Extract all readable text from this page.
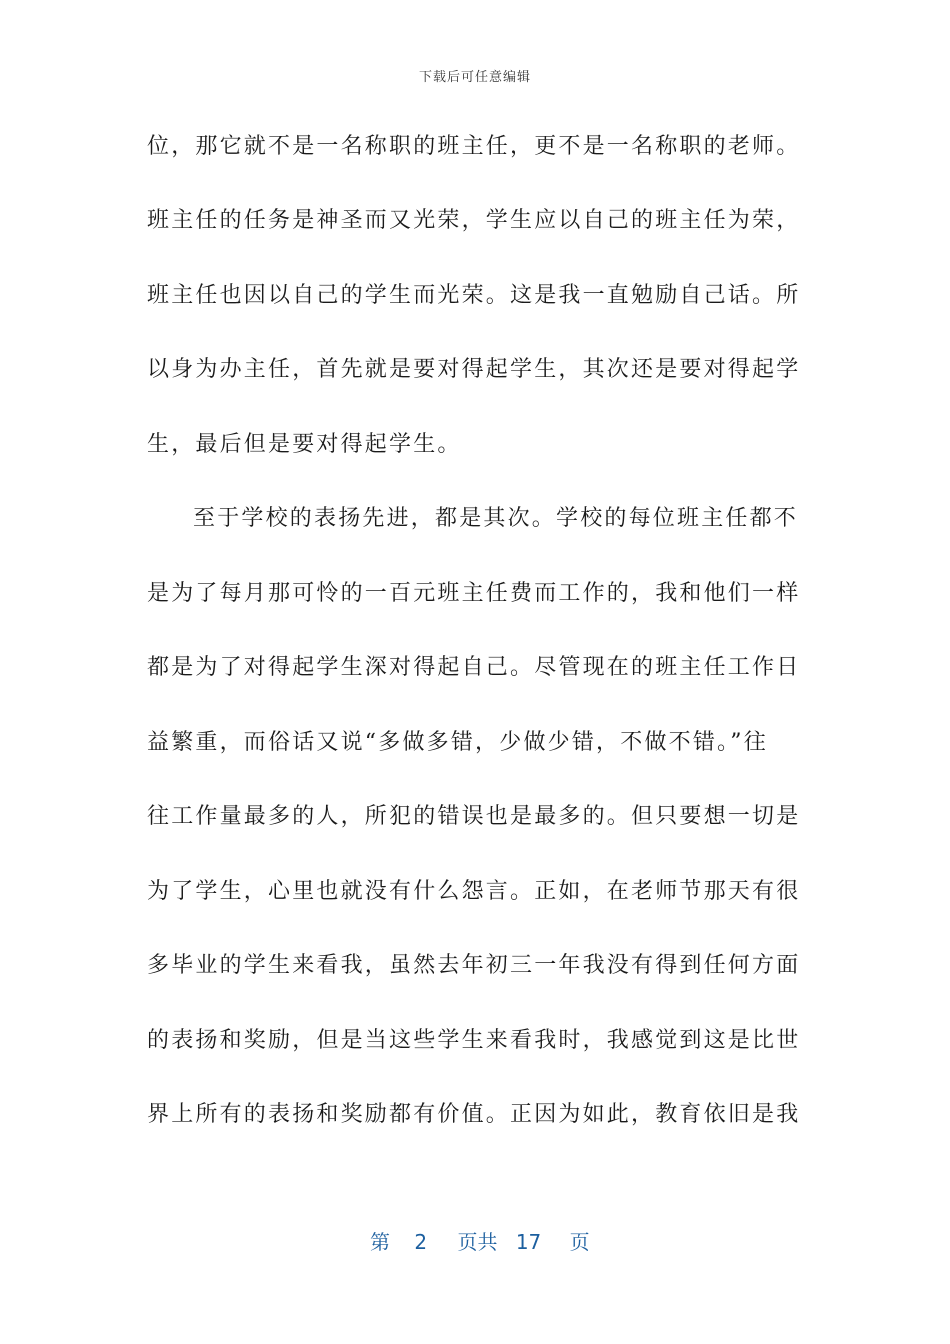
下载后可任意编辑
位，那它就不是一名称职的班主任，更不是一名称职的老师。
班主任的任务是神圣而又光荣，学生应以自己的班主任为荣，
班主任也因以自己的学生而光荣。这是我一直勉励自己话。所
以身为办主任，首先就是要对得起学生，其次还是要对得起学
生，最后但是要对得起学生。
至于学校的表扬先进，都是其次。学校的每位班主任都不
是为了每月那可怜的一百元班主任费而工作的，我和他们一样
都是为了对得起学生深对得起自己。尽管现在的班主任工作日
益繁重，而俗话又说“多做多错，少做少错，不做不错。”往
往工作量最多的人，所犯的错误也是最多的。但只要想一切是
为了学生，心里也就没有什么怨言。正如，在老师节那天有很
多毕业的学生来看我，虽然去年初三一年我没有得到任何方面
的表扬和奖励，但是当这些学生来看我时，我感觉到这是比世
界上所有的表扬和奖励都有价值。正因为如此，教育依旧是我
第 2 页共 17 页
